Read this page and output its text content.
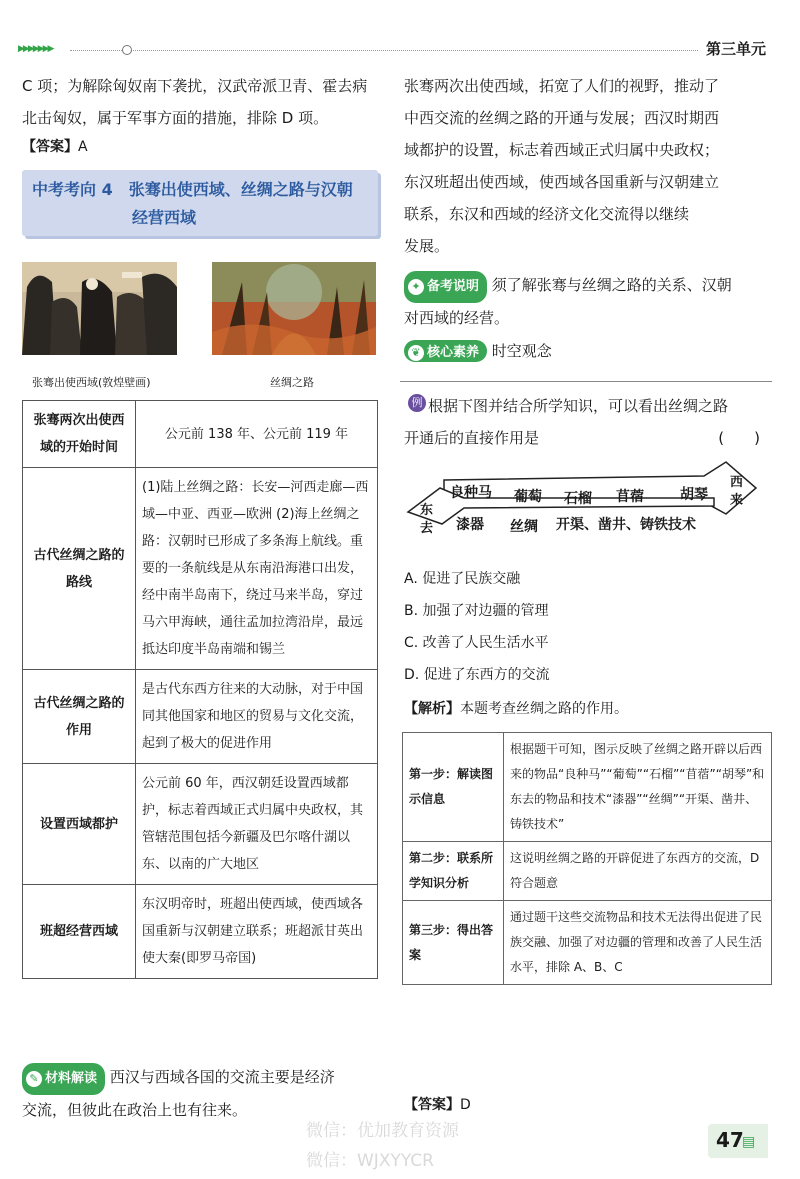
▶▶▶▶▶▶▶	第三单元
C 项；为解除匈奴南下袭扰，汉武帝派卫青、霍去病
北击匈奴，属于军事方面的措施，排除 D 项。
【答案】A
中考考向 4　张骞出使西域、丝绸之路与汉朝
经营西域
张骞出使西域(敦煌壁画)	丝绸之路
张骞两次出使西域的开始时间	公元前 138 年、公元前 119 年
古代丝绸之路的路线	(1)陆上丝绸之路：长安—河西走廊—西域—中亚、西亚—欧洲 (2)海上丝绸之路：汉朝时已形成了多条海上航线。重要的一条航线是从东南沿海港口出发，经中南半岛南下，绕过马来半岛，穿过马六甲海峡，通往孟加拉湾沿岸，最远抵达印度半岛南端和锡兰
古代丝绸之路的作用	是古代东西方往来的大动脉，对于中国同其他国家和地区的贸易与文化交流，起到了极大的促进作用
设置西域都护	公元前 60 年，西汉朝廷设置西域都护，标志着西域正式归属中央政权，其管辖范围包括今新疆及巴尔喀什湖以东、以南的广大地区
班超经营西域	东汉明帝时，班超出使西域，使西域各国重新与汉朝建立联系；班超派甘英出使大秦(即罗马帝国)
✎ 材料解读 西汉与西域各国的交流主要是经济
交流，但彼此在政治上也有往来。
张骞两次出使西域，拓宽了人们的视野，推动了
中西交流的丝绸之路的开通与发展；西汉时期西
域都护的设置，标志着西域正式归属中央政权；
东汉班超出使西域，使西域各国重新与汉朝建立
联系，东汉和西域的经济文化交流得以继续
发展。
✦ 备考说明 须了解张骞与丝绸之路的关系、汉朝
对西域的经营。
❦ 核心素养 时空观念
例 根据下图并结合所学知识，可以看出丝绸之路
开通后的直接作用是	(　　)
良种马 葡萄 石榴 苜蓿	胡琴
漆器 丝绸 开渠、凿井、铸铁技术
东去
西来
A. 促进了民族交融
B. 加强了对边疆的管理
C. 改善了人民生活水平
D. 促进了东西方的交流
【解析】本题考查丝绸之路的作用。
第一步：解读图示信息	根据题干可知，图示反映了丝绸之路开辟以后西来的物品“良种马”“葡萄”“石榴”“苜蓿”“胡琴”和东去的物品和技术“漆器”“丝绸”“开渠、凿井、铸铁技术”
第二步：联系所学知识分析	这说明丝绸之路的开辟促进了东西方的交流，D 符合题意
第三步：得出答案	通过题干这些交流物品和技术无法得出促进了民族交融、加强了对边疆的管理和改善了人民生活水平，排除 A、B、C
【答案】D
微信：优加教育资源
微信：WJXYYCR
47
▤
